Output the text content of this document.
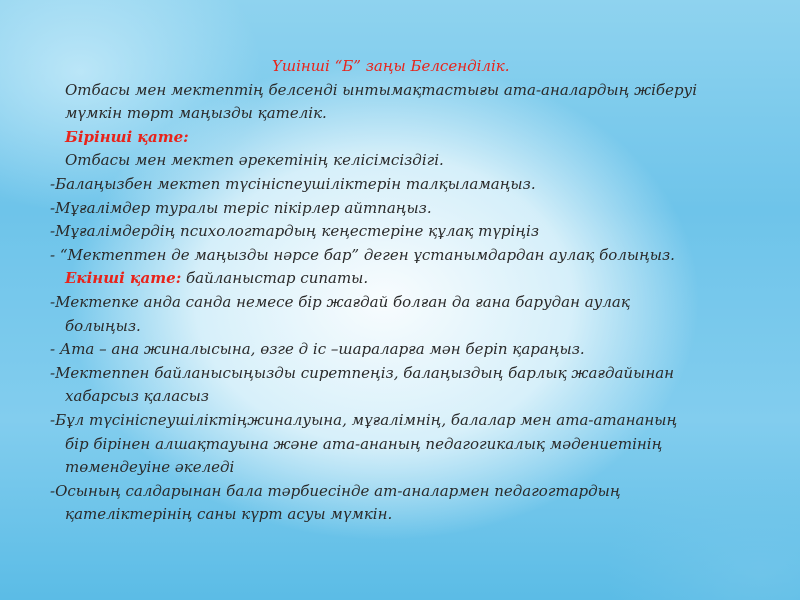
Үшінші “Б” заңы Белсенділік.
Отбасы мен мектептің белсенді ынтымақтастығы ата-аналардың жіберуі
мүмкін төрт маңызды қателік.
Бірінші қате:
Отбасы мен мектеп әрекетінің келісімсіздігі.
-Балаңызбен мектеп түсініспеушіліктерін талқыламаңыз.
-Мұғалімдер туралы теріс пікірлер айтпаңыз.
-Мұғалімдердің психологтардың кеңестеріне құлақ түріңіз
- “Мектептен де маңызды нәрсе бар” деген ұстанымдардан аулақ болыңыз.
Екінші қате: байланыстар сипаты.
-Мектепке анда санда немесе бір жағдай болған да ғана барудан аулақ
болыңыз.
- Ата – ана жиналысына, өзге д іс –шараларға мән беріп қараңыз.
-Мектеппен байланысыңызды сиретпеңіз, балаңыздың барлық жағдайынан
хабарсыз қаласыз
-Бұл түсініспеушіліктіңжиналуына, мұғалімнің, балалар мен ата-атананың
бір бірінен алшақтауына және ата-ананың педагогикалық мәдениетінің
төмендеуіне әкеледі
-Осының салдарынан бала тәрбиесінде ат-аналармен педагогтардың
қателіктерінің саны күрт асуы мүмкін.
